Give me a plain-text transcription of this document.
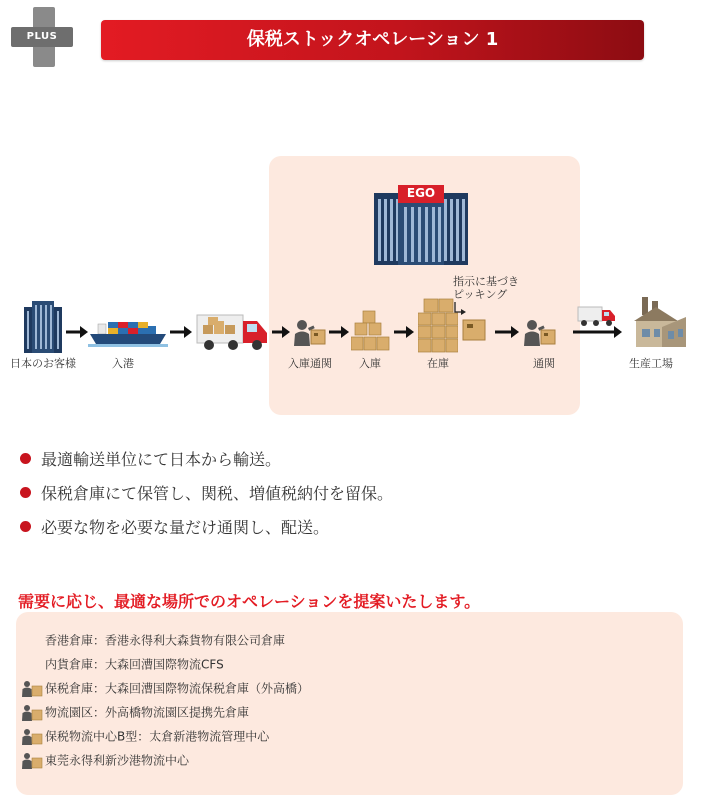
PLUS	保税ストックオペレーション 1
EGO
指示に基づき
ピッキング
日本のお客様	入港	入庫通関	入庫	在庫	通関	生産工場
最適輸送単位にて日本から輸送。
保税倉庫にて保管し、関税、増値税納付を留保。
必要な物を必要な量だけ通関し、配送。
需要に応じ、最適な場所でのオペレーションを提案いたします。
香港倉庫：香港永得利大森貨物有限公司倉庫
内貨倉庫：大森回漕国際物流CFS
保税倉庫：大森回漕国際物流保税倉庫（外高橋）
物流園区：外高橋物流園区提携先倉庫
保税物流中心B型：太倉新港物流管理中心
東莞永得利新沙港物流中心
